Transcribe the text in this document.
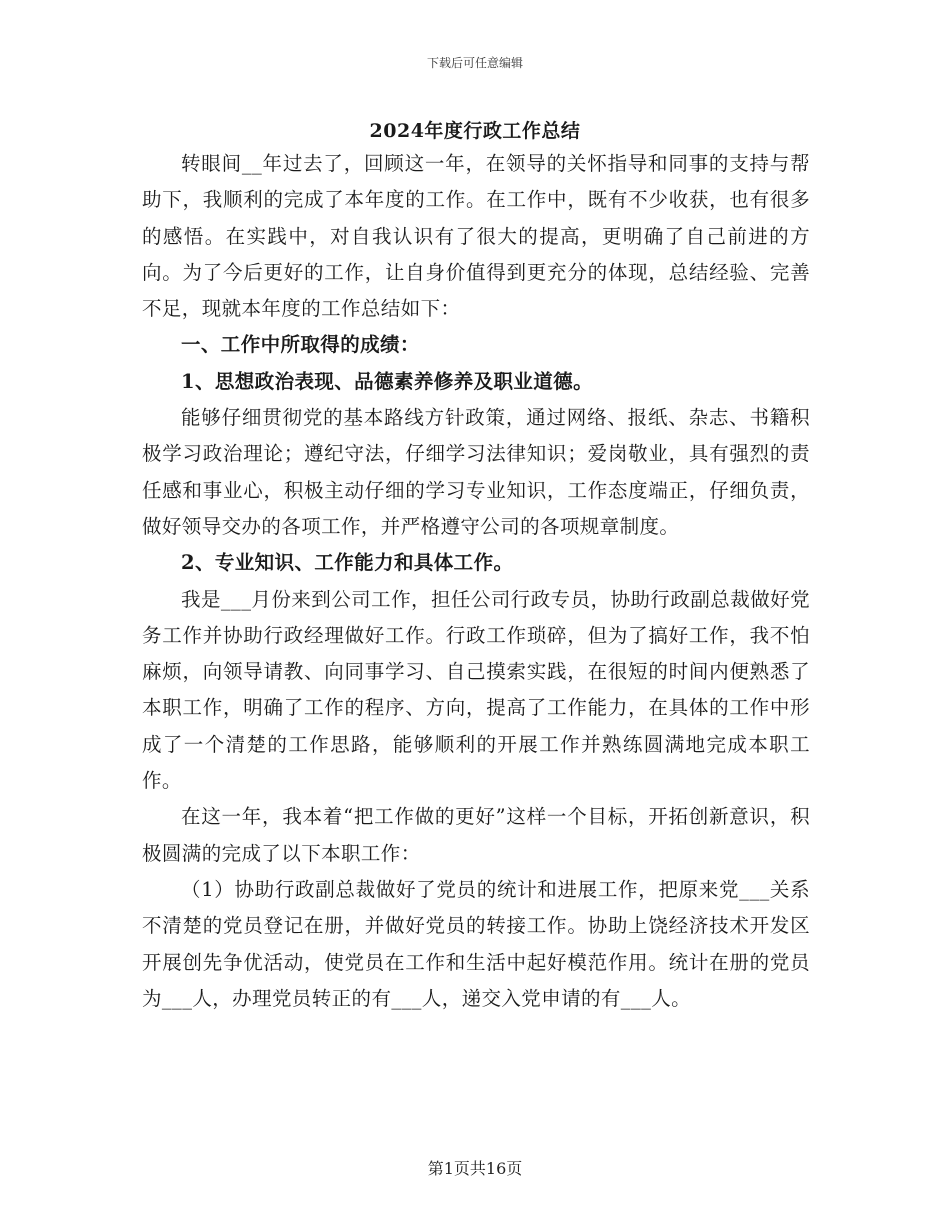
下载后可任意编辑
2024年度行政工作总结

转眼间__年过去了，回顾这一年，在领导的关怀指导和同事的支持与帮助下，我顺利的完成了本年度的工作。在工作中，既有不少收获，也有很多的感悟。在实践中，对自我认识有了很大的提高，更明确了自己前进的方向。为了今后更好的工作，让自身价值得到更充分的体现，总结经验、完善不足，现就本年度的工作总结如下：

一、工作中所取得的成绩：

1、思想政治表现、品德素养修养及职业道德。

能够仔细贯彻党的基本路线方针政策，通过网络、报纸、杂志、书籍积极学习政治理论；遵纪守法，仔细学习法律知识；爱岗敬业，具有强烈的责任感和事业心，积极主动仔细的学习专业知识，工作态度端正，仔细负责，做好领导交办的各项工作，并严格遵守公司的各项规章制度。

2、专业知识、工作能力和具体工作。

我是___月份来到公司工作，担任公司行政专员，协助行政副总裁做好党务工作并协助行政经理做好工作。行政工作琐碎，但为了搞好工作，我不怕麻烦，向领导请教、向同事学习、自己摸索实践，在很短的时间内便熟悉了本职工作，明确了工作的程序、方向，提高了工作能力，在具体的工作中形成了一个清楚的工作思路，能够顺利的开展工作并熟练圆满地完成本职工作。

在这一年，我本着“把工作做的更好”这样一个目标，开拓创新意识，积极圆满的完成了以下本职工作：

（1）协助行政副总裁做好了党员的统计和进展工作，把原来党___关系不清楚的党员登记在册，并做好党员的转接工作。协助上饶经济技术开发区开展创先争优活动，使党员在工作和生活中起好模范作用。统计在册的党员为___人，办理党员转正的有___人，递交入党申请的有___人。

第1页共16页
